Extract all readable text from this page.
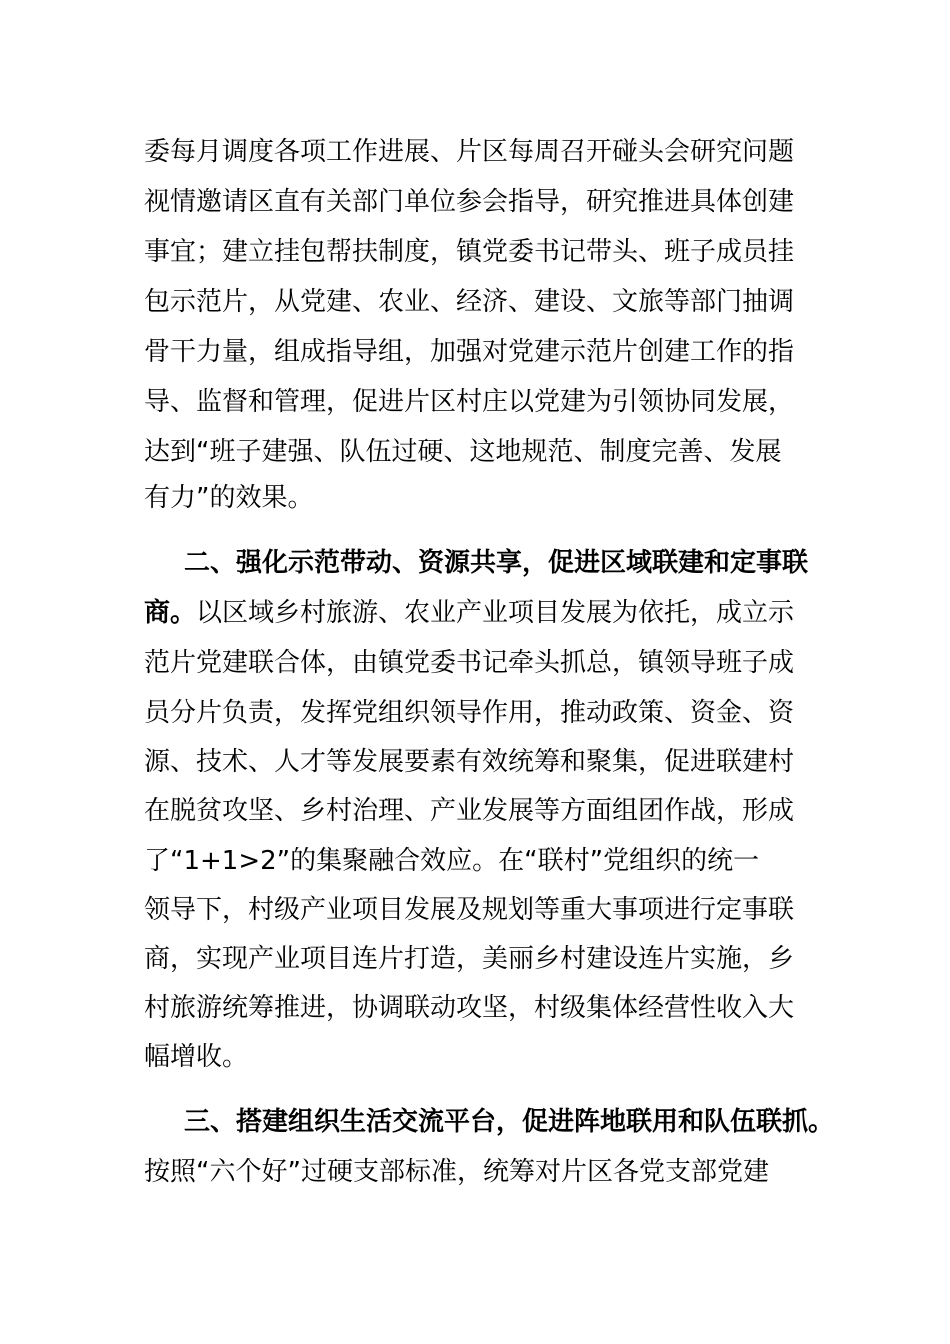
委每月调度各项工作进展、片区每周召开碰头会研究问题
视情邀请区直有关部门单位参会指导，研究推进具体创建
事宜；建立挂包帮扶制度，镇党委书记带头、班子成员挂
包示范片，从党建、农业、经济、建设、文旅等部门抽调
骨干力量，组成指导组，加强对党建示范片创建工作的指
导、监督和管理，促进片区村庄以党建为引领协同发展，
达到“班子建强、队伍过硬、这地规范、制度完善、发展
有力”的效果。
二、强化示范带动、资源共享，促进区域联建和定事联
商。以区域乡村旅游、农业产业项目发展为依托，成立示
范片党建联合体，由镇党委书记牵头抓总，镇领导班子成
员分片负责，发挥党组织领导作用，推动政策、资金、资
源、技术、人才等发展要素有效统筹和聚集，促进联建村
在脱贫攻坚、乡村治理、产业发展等方面组团作战，形成
了“1+1>2”的集聚融合效应。在“联村”党组织的统一
领导下，村级产业项目发展及规划等重大事项进行定事联
商，实现产业项目连片打造，美丽乡村建设连片实施，乡
村旅游统筹推进，协调联动攻坚，村级集体经营性收入大
幅增收。
三、搭建组织生活交流平台，促进阵地联用和队伍联抓。
按照“六个好”过硬支部标准，统筹对片区各党支部党建
